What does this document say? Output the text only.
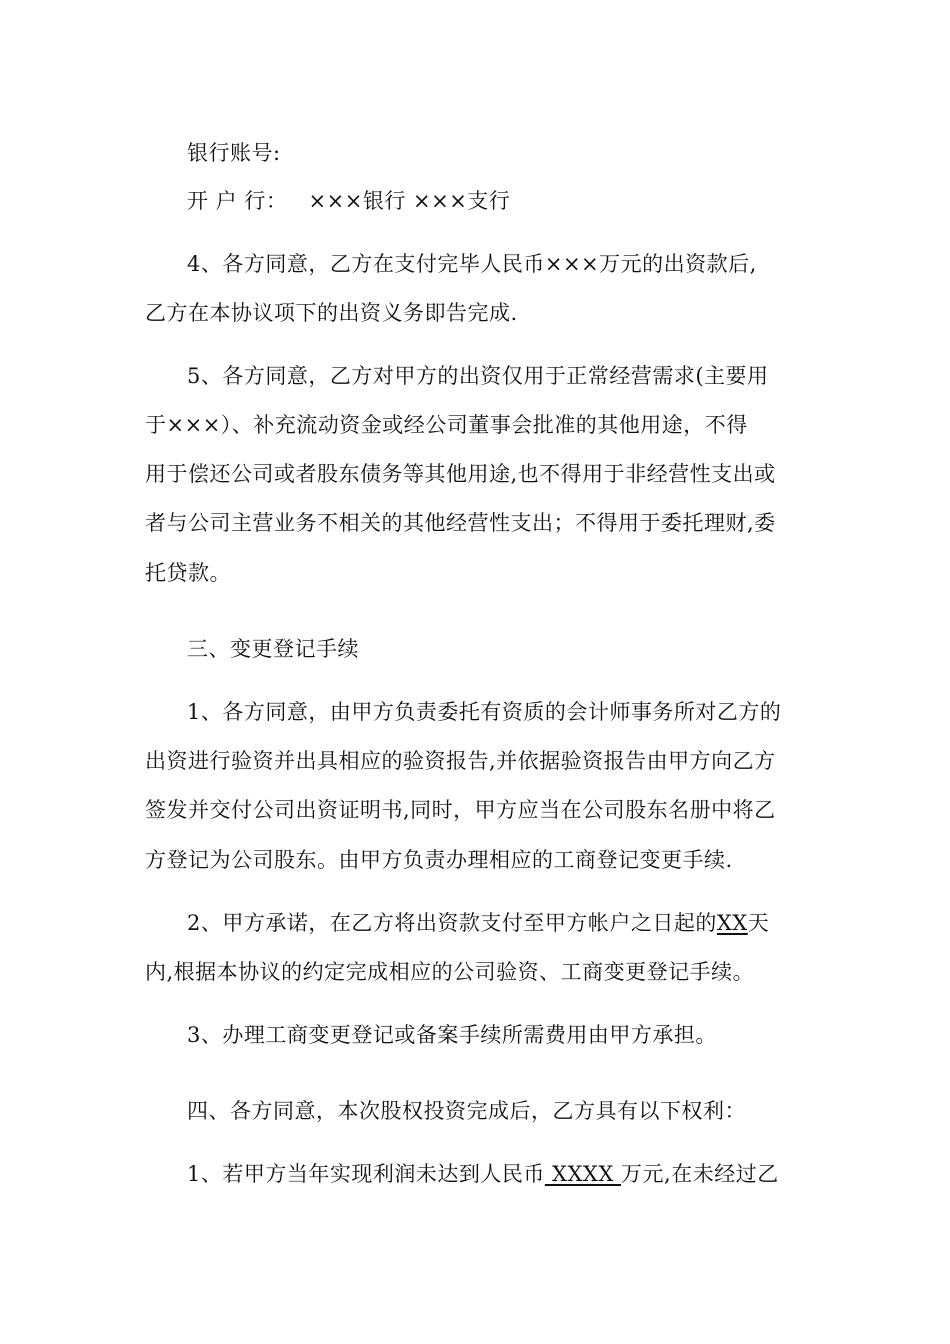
银行账号:
开 户 行： ×××银行 ×××支行
4、各方同意，乙方在支付完毕人民币×××万元的出资款后,
乙方在本协议项下的出资义务即告完成.
5、各方同意，乙方对甲方的出资仅用于正常经营需求(主要用
于×××）、补充流动资金或经公司董事会批准的其他用途，不得
用于偿还公司或者股东债务等其他用途,也不得用于非经营性支出或
者与公司主营业务不相关的其他经营性支出；不得用于委托理财,委
托贷款。
三、变更登记手续
1、各方同意，由甲方负责委托有资质的会计师事务所对乙方的
出资进行验资并出具相应的验资报告,并依据验资报告由甲方向乙方
签发并交付公司出资证明书,同时，甲方应当在公司股东名册中将乙
方登记为公司股东。由甲方负责办理相应的工商登记变更手续.
2、甲方承诺，在乙方将出资款支付至甲方帐户之日起的XX天
内,根据本协议的约定完成相应的公司验资、工商变更登记手续。
3、办理工商变更登记或备案手续所需费用由甲方承担。
四、各方同意，本次股权投资完成后，乙方具有以下权利：
1、若甲方当年实现利润未达到人民币 XXXX 万元,在未经过乙
